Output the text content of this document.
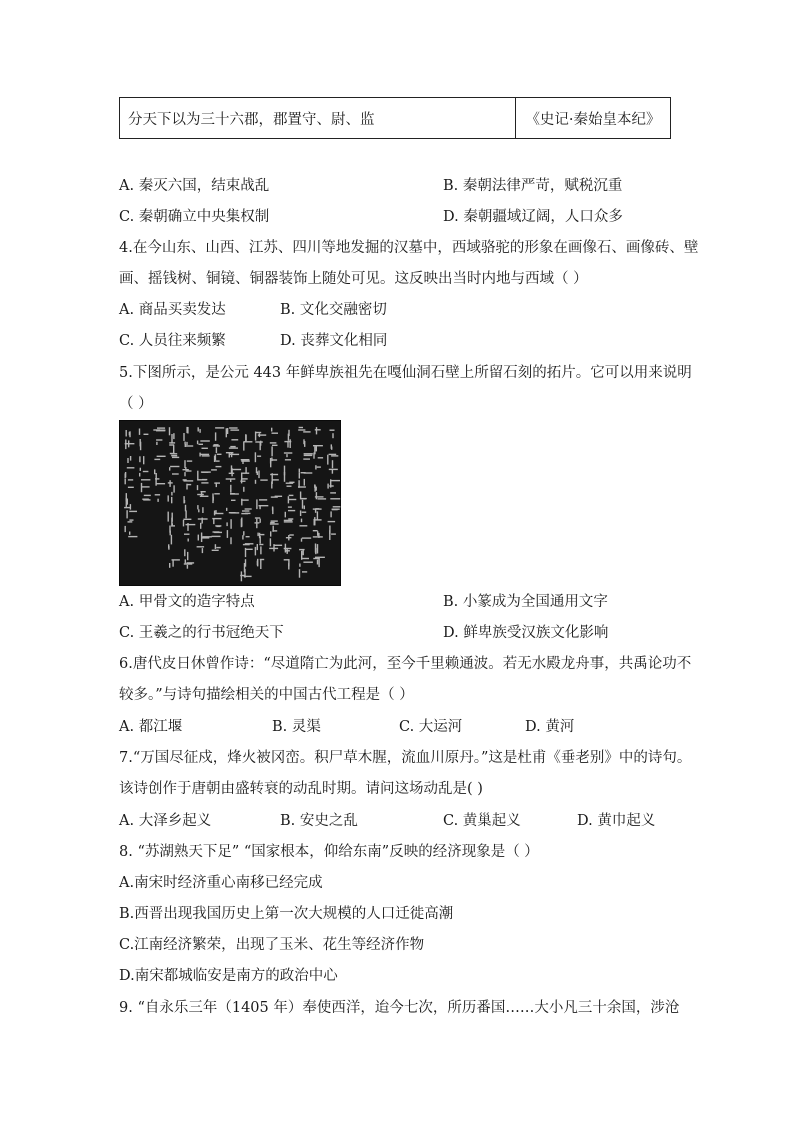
分天下以为三十六郡，郡置守、尉、监	《史记·秦始皇本纪》
A. 秦灭六国，结束战乱	B. 秦朝法律严苛，赋税沉重
C. 秦朝确立中央集权制	D. 秦朝疆域辽阔，人口众多
4.在今山东、山西、江苏、四川等地发掘的汉墓中，西域骆驼的形象在画像石、画像砖、壁
画、摇钱树、铜镜、铜器装饰上随处可见。这反映出当时内地与西域（ ）
A. 商品买卖发达	B. 文化交融密切
C. 人员往来频繁	D. 丧葬文化相同
5.下图所示，是公元 443 年鲜卑族祖先在嘎仙洞石壁上所留石刻的拓片。它可以用来说明
（ ）
A. 甲骨文的造字特点	B. 小篆成为全国通用文字
C. 王羲之的行书冠绝天下	D. 鲜卑族受汉族文化影响
6.唐代皮日休曾作诗：“尽道隋亡为此河，至今千里赖通波。若无水殿龙舟事，共禹论功不
较多。”与诗句描绘相关的中国古代工程是（ ）
A. 都江堰	B. 灵渠	C. 大运河	D. 黄河
7.“万国尽征戍，烽火被冈峦。积尸草木腥，流血川原丹。”这是杜甫《垂老别》中的诗句。
该诗创作于唐朝由盛转衰的动乱时期。请问这场动乱是( )
A. 大泽乡起义	B. 安史之乱	C. 黄巢起义	D. 黄巾起义
8. “苏湖熟天下足” “国家根本，仰给东南”反映的经济现象是（ ）
A.南宋时经济重心南移已经完成
B.西晋出现我国历史上第一次大规模的人口迁徙高潮
C.江南经济繁荣，出现了玉米、花生等经济作物
D.南宋都城临安是南方的政治中心
9. “自永乐三年（1405 年）奉使西洋，迨今七次，所历番国……大小凡三十余国，涉沧
